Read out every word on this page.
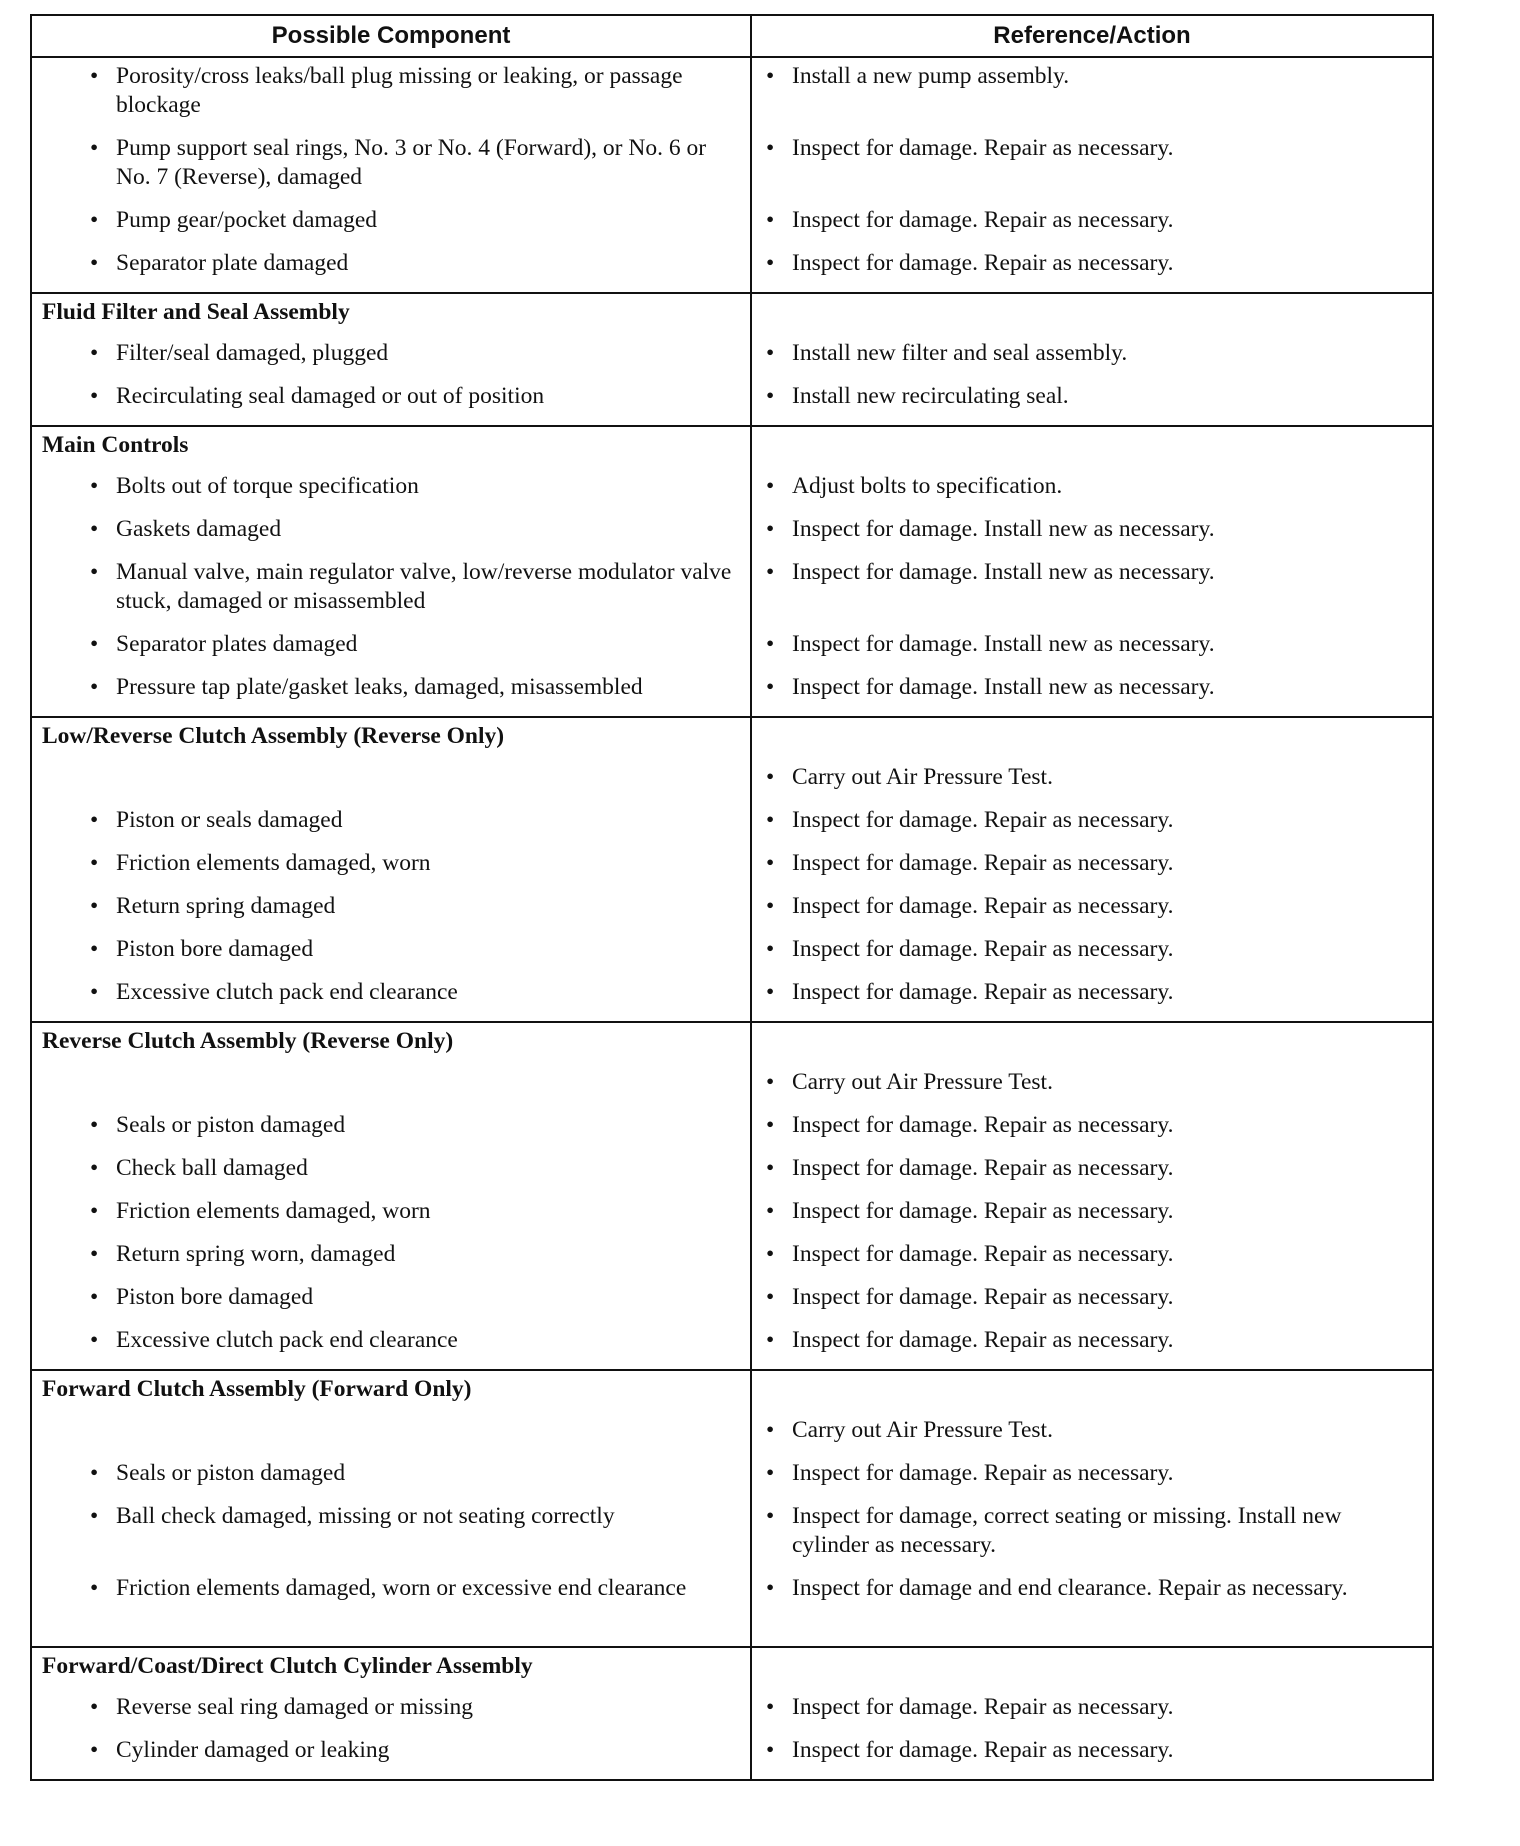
Possible Component	Reference/Action

• Porosity/cross leaks/ball plug missing or leaking, or passage blockage	• Install a new pump assembly.

• Pump support seal rings, No. 3 or No. 4 (Forward), or No. 6 or No. 7 (Reverse), damaged	• Inspect for damage. Repair as necessary.

• Pump gear/pocket damaged	• Inspect for damage. Repair as necessary.

• Separator plate damaged	• Inspect for damage. Repair as necessary.

Fluid Filter and Seal Assembly	

• Filter/seal damaged, plugged	• Install new filter and seal assembly.

• Recirculating seal damaged or out of position	• Install new recirculating seal.

Main Controls	

• Bolts out of torque specification	• Adjust bolts to specification.

• Gaskets damaged	• Inspect for damage. Install new as necessary.

• Manual valve, main regulator valve, low/reverse modulator valve stuck, damaged or misassembled	• Inspect for damage. Install new as necessary.

• Separator plates damaged	• Inspect for damage. Install new as necessary.

• Pressure tap plate/gasket leaks, damaged, misassembled	• Inspect for damage. Install new as necessary.

Low/Reverse Clutch Assembly (Reverse Only)	

	• Carry out Air Pressure Test.

• Piston or seals damaged	• Inspect for damage. Repair as necessary.

• Friction elements damaged, worn	• Inspect for damage. Repair as necessary.

• Return spring damaged	• Inspect for damage. Repair as necessary.

• Piston bore damaged	• Inspect for damage. Repair as necessary.

• Excessive clutch pack end clearance	• Inspect for damage. Repair as necessary.

Reverse Clutch Assembly (Reverse Only)	

	• Carry out Air Pressure Test.

• Seals or piston damaged	• Inspect for damage. Repair as necessary.

• Check ball damaged	• Inspect for damage. Repair as necessary.

• Friction elements damaged, worn	• Inspect for damage. Repair as necessary.

• Return spring worn, damaged	• Inspect for damage. Repair as necessary.

• Piston bore damaged	• Inspect for damage. Repair as necessary.

• Excessive clutch pack end clearance	• Inspect for damage. Repair as necessary.

Forward Clutch Assembly (Forward Only)	

	• Carry out Air Pressure Test.

• Seals or piston damaged	• Inspect for damage. Repair as necessary.

• Ball check damaged, missing or not seating correctly	• Inspect for damage, correct seating or missing. Install new cylinder as necessary.

• Friction elements damaged, worn or excessive end clearance	• Inspect for damage and end clearance. Repair as necessary.

Forward/Coast/Direct Clutch Cylinder Assembly	

• Reverse seal ring damaged or missing	• Inspect for damage. Repair as necessary.

• Cylinder damaged or leaking	• Inspect for damage. Repair as necessary.
